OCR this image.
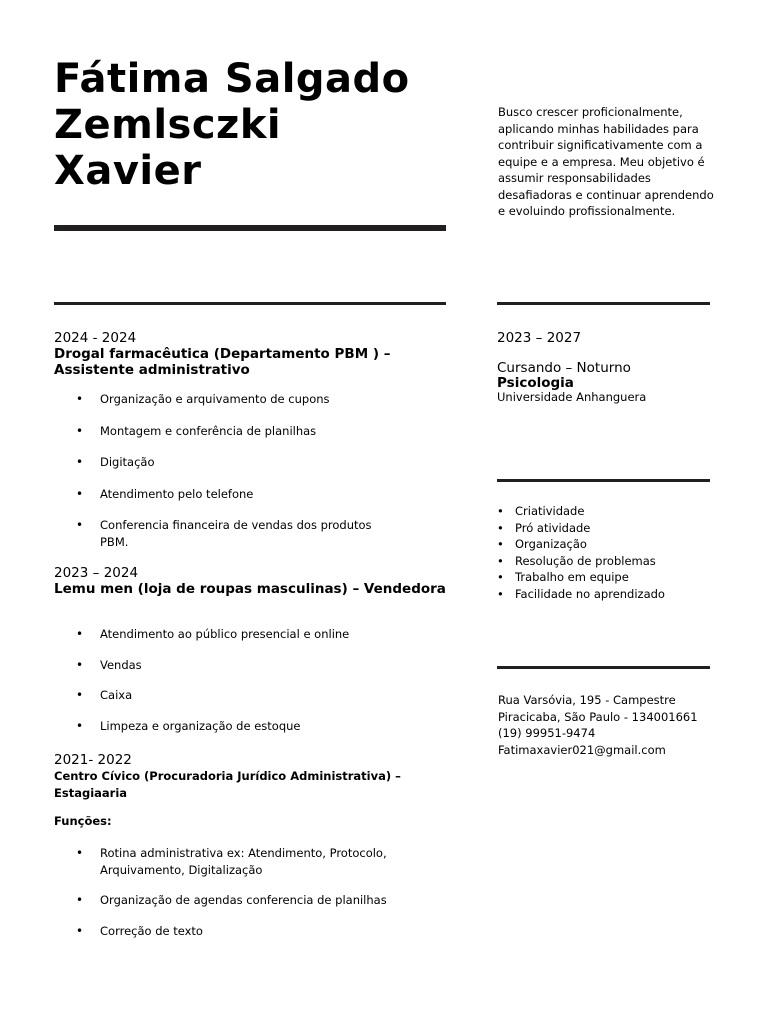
Fátima Salgado
Zemlsczki
Xavier
Busco crescer proficionalmente, aplicando minhas habilidades para contribuir significativamente com a equipe e a empresa. Meu objetivo é assumir responsabilidades desafiadoras e continuar aprendendo e evoluindo profissionalmente.
2024 - 2024
Drogal farmacêutica (Departamento PBM ) – Assistente administrativo
• Organização e arquivamento de cupons
• Montagem e conferência de planilhas
• Digitação
• Atendimento pelo telefone
• Conferencia financeira de vendas dos produtos PBM.
2023 – 2024
Lemu men (loja de roupas masculinas) – Vendedora
• Atendimento ao público presencial e online
• Vendas
• Caixa
• Limpeza e organização de estoque
2021- 2022
Centro Cívico (Procuradoria Jurídico Administrativa) – Estagiaaria
Funções:
• Rotina administrativa ex: Atendimento, Protocolo, Arquivamento, Digitalização
• Organização de agendas conferencia de planilhas
• Correção de texto
2023 – 2027
Cursando – Noturno
Psicologia
Universidade Anhanguera
• Criatividade
• Pró atividade
• Organização
• Resolução de problemas
• Trabalho em equipe
• Facilidade no aprendizado
Rua Varsóvia, 195 - Campestre
Piracicaba, São Paulo - 134001661
(19) 99951-9474
Fatimaxavier021@gmail.com
